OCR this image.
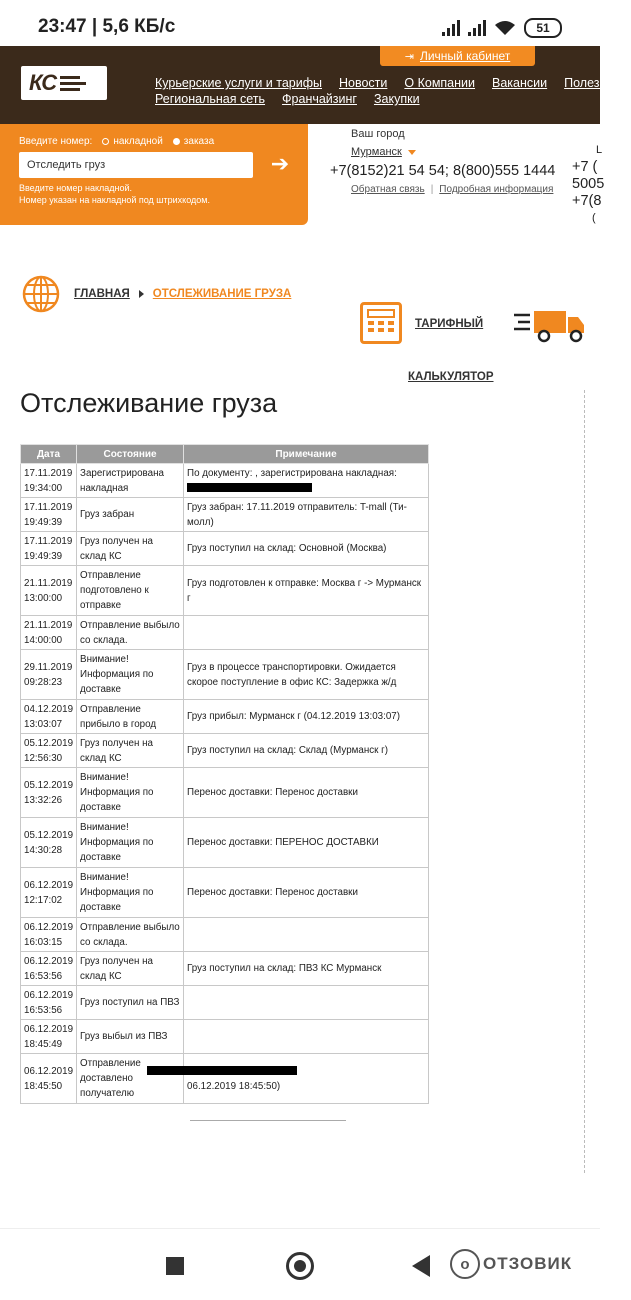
23:47 | 5,6 КБ/с	51
КС
⇥ Личный кабинет
Курьерские услуги и тарифы Новости О Компании Вакансии Полезная и
Региональная сеть Франчайзинг Закупки
Введите номер:	накладной	заказа
Отследить груз
➔
Введите номер накладной.
Номер указан на накладной под штрихкодом.
Ваш город
Мурманск
+7(8152)21 54 54; 8(800)555 1444
Обратная связь | Подробная информация
L
+7 (
5005
+7(8
(
ГЛАВНАЯ ОТСЛЕЖИВАНИЕ ГРУЗА
ТАРИФНЫЙ
КАЛЬКУЛЯТОР
Отслеживание груза
Дата	Состояние	Примечание
17.11.2019 19:34:00	Зарегистрирована накладная	По документу: , зарегистрирована накладная:

17.11.2019 19:49:39	Груз забран	Груз забран: 17.11.2019 отправитель: T-mall (Ти-молл)
17.11.2019 19:49:39	Груз получен на склад КС	Груз поступил на склад: Основной (Москва)
21.11.2019 13:00:00	Отправление подготовлено к отправке	Груз подготовлен к отправке: Москва г -> Мурманск г
21.11.2019 14:00:00	Отправление выбыло со склада.	
29.11.2019 09:28:23	Внимание! Информация по доставке	Груз в процессе транспортировки. Ожидается скорое поступление в офис КС: Задержка ж/д
04.12.2019 13:03:07	Отправление прибыло в город	Груз прибыл: Мурманск г (04.12.2019 13:03:07)
05.12.2019 12:56:30	Груз получен на склад КС	Груз поступил на склад: Склад (Мурманск г)
05.12.2019 13:32:26	Внимание! Информация по доставке	Перенос доставки: Перенос доставки
05.12.2019 14:30:28	Внимание! Информация по доставке	Перенос доставки: ПЕРЕНОС ДОСТАВКИ
06.12.2019 12:17:02	Внимание! Информация по доставке	Перенос доставки: Перенос доставки
06.12.2019 16:03:15	Отправление выбыло со склада.	
06.12.2019 16:53:56	Груз получен на склад КС	Груз поступил на склад: ПВЗ КС Мурманск
06.12.2019 16:53:56	Груз поступил на ПВЗ	
06.12.2019 18:45:49	Груз выбыл из ПВЗ	
06.12.2019 18:45:50	Отправление доставлено получателю	06.12.2019 18:45:50)
о ОТЗОВИК
